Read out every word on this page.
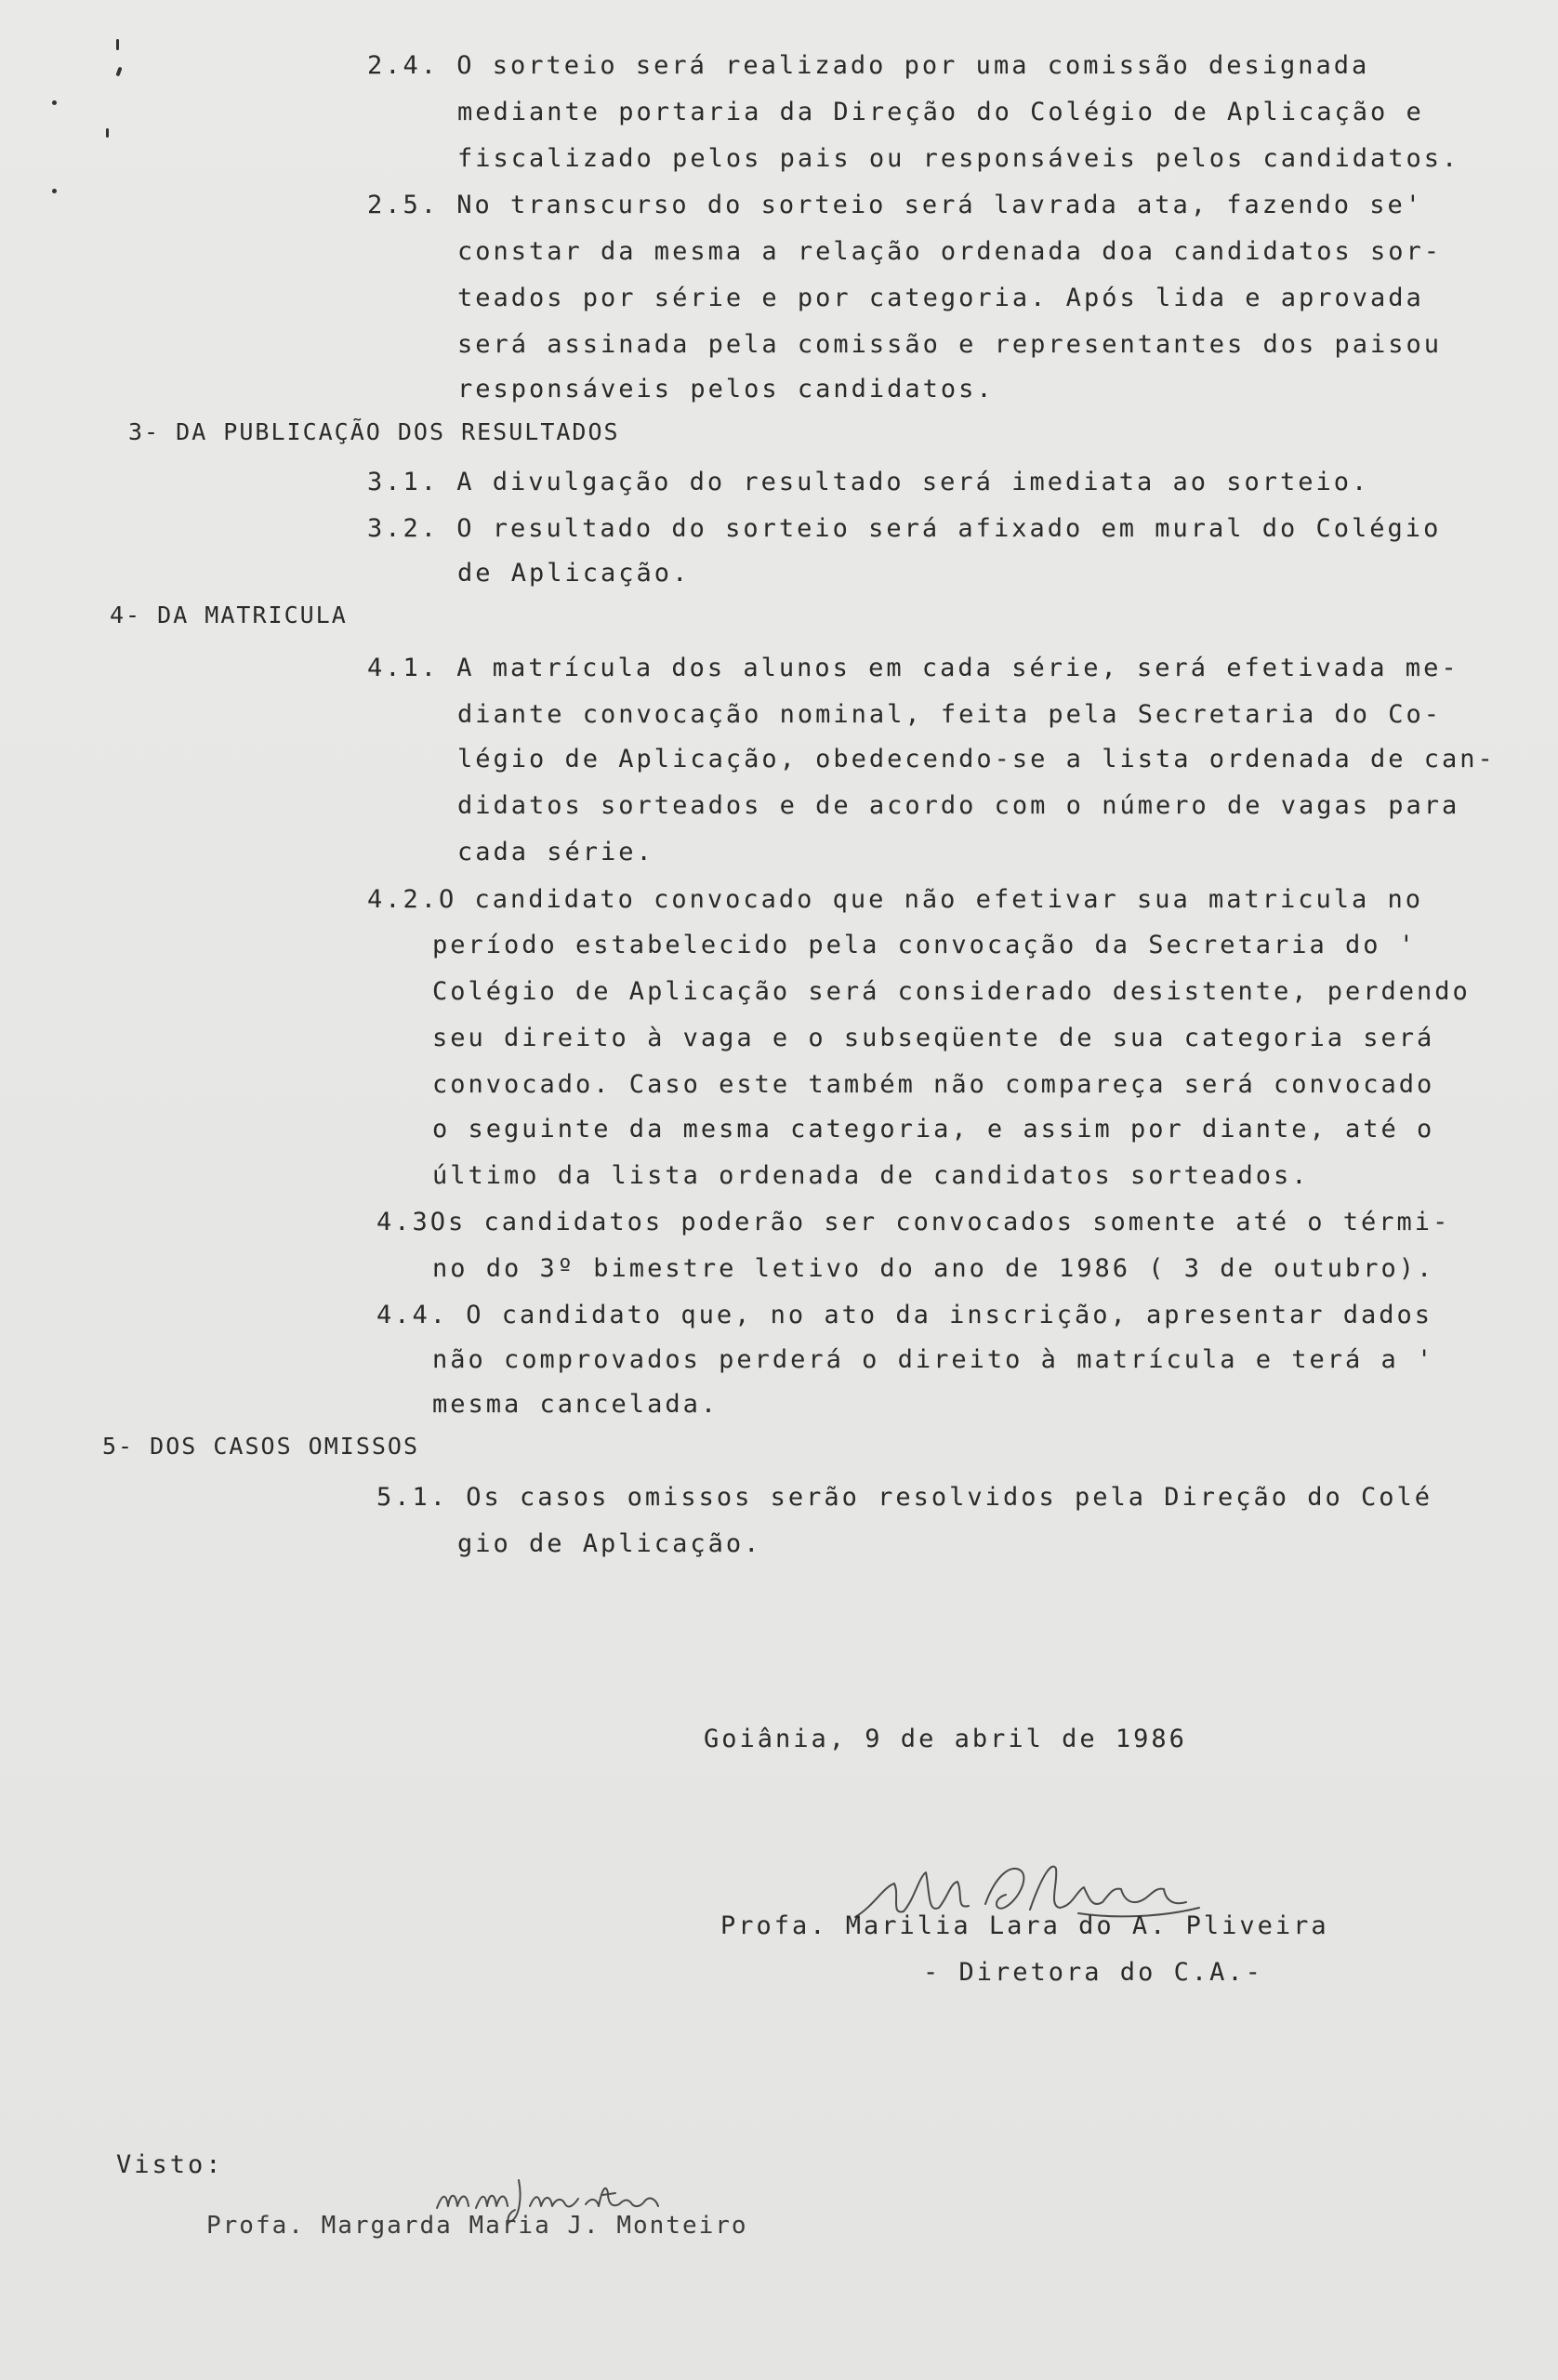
2.4. O sorteio será realizado por uma comissão designada
mediante portaria da Direção do Colégio de Aplicação e
fiscalizado pelos pais ou responsáveis pelos candidatos.
2.5. No transcurso do sorteio será lavrada ata, fazendo se'
constar da mesma a relação ordenada doa candidatos sor-
teados por série e por categoria. Após lida e aprovada
será assinada pela comissão e representantes dos paisou
responsáveis pelos candidatos.
3- DA PUBLICAÇÃO DOS RESULTADOS
3.1. A divulgação do resultado será imediata ao sorteio.
3.2. O resultado do sorteio será afixado em mural do Colégio
de Aplicação.
4- DA MATRICULA
4.1. A matrícula dos alunos em cada série, será efetivada me-
diante convocação nominal, feita pela Secretaria do Co-
légio de Aplicação, obedecendo-se a lista ordenada de can-
didatos sorteados e de acordo com o número de vagas para
cada série.
4.2.O candidato convocado que não efetivar sua matricula no
período estabelecido pela convocação da Secretaria do '
Colégio de Aplicação será considerado desistente, perdendo
seu direito à vaga e o subseqüente de sua categoria será
convocado. Caso este também não compareça será convocado
o seguinte da mesma categoria, e assim por diante, até o
último da lista ordenada de candidatos sorteados.
4.3Os candidatos poderão ser convocados somente até o térmi-
no do 3º bimestre letivo do ano de 1986 ( 3 de outubro).
4.4. O candidato que, no ato da inscrição, apresentar dados
não comprovados perderá o direito à matrícula e terá a '
mesma cancelada.
5- DOS CASOS OMISSOS
5.1. Os casos omissos serão resolvidos pela Direção do Colé
gio de Aplicação.
Goiânia, 9 de abril de 1986
Profa. Marilia Lara do A. Pliveira
- Diretora do C.A.-
Visto:
Profa. Margarda Maria J. Monteiro
